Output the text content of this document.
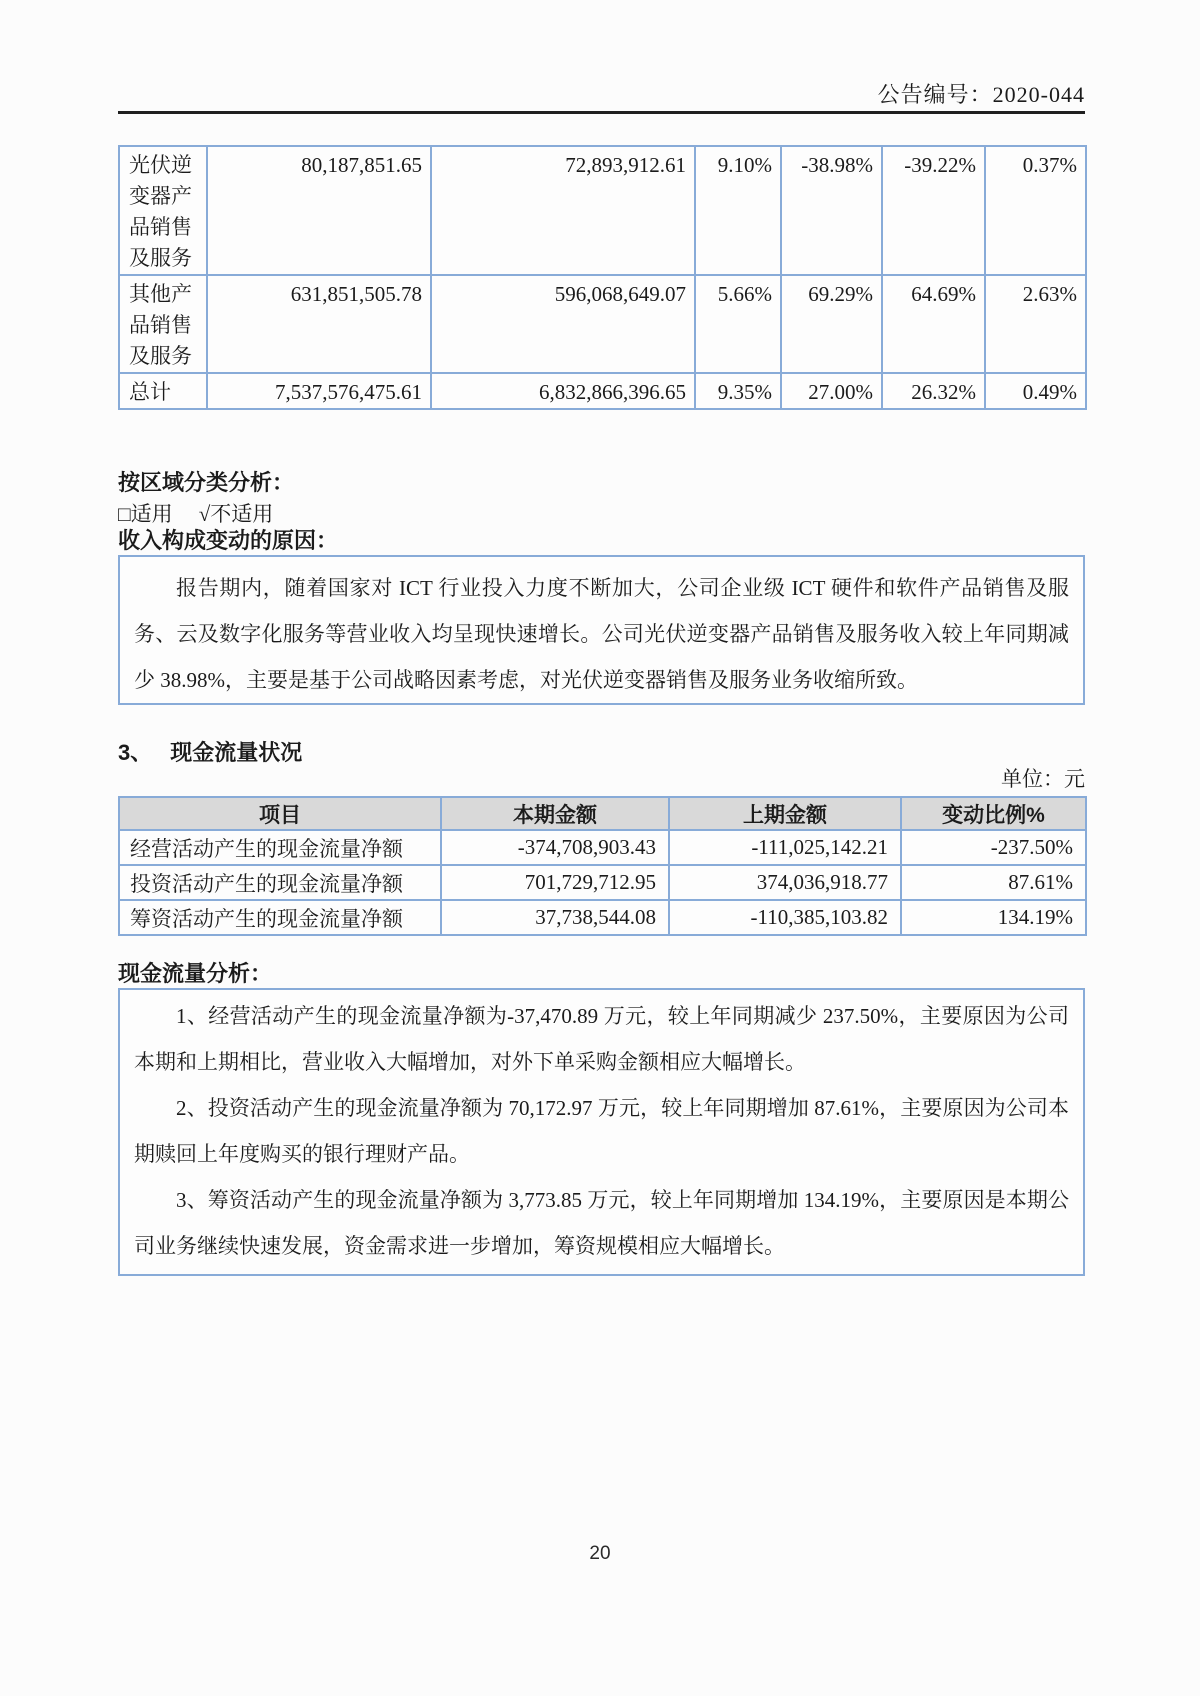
公告编号：2020-044
光伏逆变器产品销售及服务	80,187,851.65	72,893,912.61	9.10%	-38.98%	-39.22%	0.37%
其他产品销售及服务	631,851,505.78	596,068,649.07	5.66%	69.29%	64.69%	2.63%
总计	7,537,576,475.61	6,832,866,396.65	9.35%	27.00%	26.32%	0.49%
按区域分类分析：
□适用 √不适用
收入构成变动的原因：

报告期内，随着国家对 ICT 行业投入力度不断加大，公司企业级 ICT 硬件和软件产品销售及服务、云及数字化服务等营业收入均呈现快速增长。公司光伏逆变器产品销售及服务收入较上年同期减少 38.98%，主要是基于公司战略因素考虑，对光伏逆变器销售及服务业务收缩所致。

3、 现金流量状况
单位：元
项目	本期金额	上期金额	变动比例%
经营活动产生的现金流量净额	-374,708,903.43	-111,025,142.21	-237.50%
投资活动产生的现金流量净额	701,729,712.95	374,036,918.77	87.61%
筹资活动产生的现金流量净额	37,738,544.08	-110,385,103.82	134.19%
现金流量分析：

1、经营活动产生的现金流量净额为-37,470.89 万元，较上年同期减少 237.50%，主要原因为公司本期和上期相比，营业收入大幅增加，对外下单采购金额相应大幅增长。

2、投资活动产生的现金流量净额为 70,172.97 万元，较上年同期增加 87.61%，主要原因为公司本期赎回上年度购买的银行理财产品。

3、筹资活动产生的现金流量净额为 3,773.85 万元，较上年同期增加 134.19%，主要原因是本期公司业务继续快速发展，资金需求进一步增加，筹资规模相应大幅增长。

20
